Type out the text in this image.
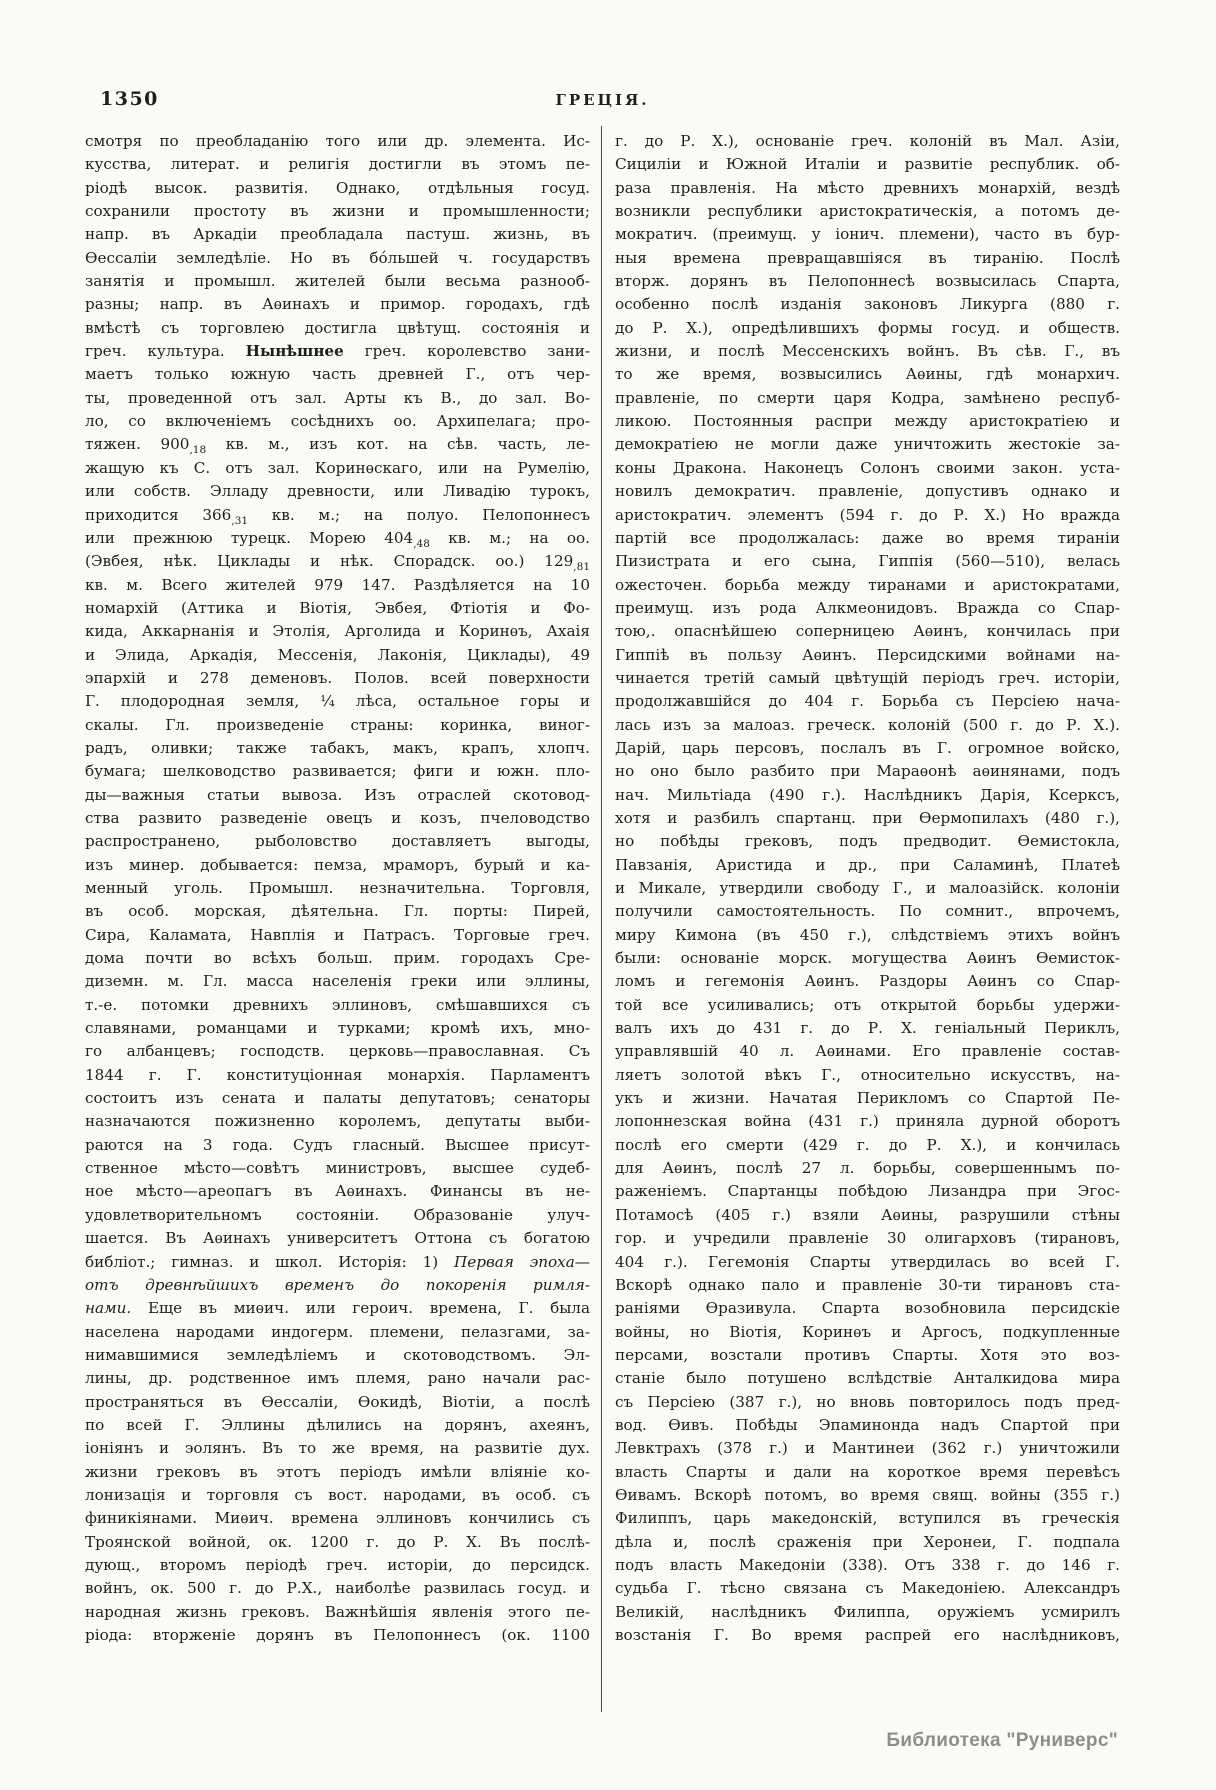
1350	ГРЕЦІЯ.
смотря по преобладанію того или др. элемента. Ис-
кусства, литерат. и религія достигли въ этомъ пе-
ріодѣ высок. развитія. Однако, отдѣльныя госуд.
сохранили простоту въ жизни и промышленности;
напр. въ Аркадіи преобладала пастуш. жизнь, въ
Ѳессаліи земледѣліе. Но въ бо́льшей ч. государствъ
занятія и промышл. жителей были весьма разнооб-
разны; напр. въ Аѳинахъ и примор. городахъ, гдѣ
вмѣстѣ съ торговлею достигла цвѣтущ. состоянія и
греч. культура. Нынѣшнее греч. королевство зани-
маетъ только южную часть древней Г., отъ чер-
ты, проведенной отъ зал. Арты къ В., до зал. Во-
ло, со включеніемъ сосѣднихъ оо. Архипелага; про-
тяжен. $900_{,18}$ кв. м., изъ кот. на сѣв. часть, ле-
жащую къ С. отъ зал. Коринѳскаго, или на Румелію,
или собств. Элладу древности, или Ливадію турокъ,
приходится $366_{,31}$ кв. м.; на полуо. Пелопоннесъ
или прежнюю турецк. Морею $404_{,48}$ кв. м.; на оо.
(Эвбея, нѣк. Циклады и нѣк. Спорадск. оо.) $129_{,81}$
кв. м. Всего жителей 979 147. Раздѣляется на 10
номархій (Аттика и Віотія, Эвбея, Фтіотія и Фо-
кида, Аккарнанія и Этолія, Арголида и Коринѳъ, Ахаія
и Элида, Аркадія, Мессенія, Лаконія, Циклады), 49
эпархій и 278 деменовъ. Полов. всей поверхности
Г. плодородная земля, ¼ лѣса, остальное горы и
скалы. Гл. произведеніе страны: коринка, виног-
радъ, оливки; также табакъ, макъ, крапъ, хлопч.
бумага; шелководство развивается; фиги и южн. пло-
ды—важныя статьи вывоза. Изъ отраслей скотовод-
ства развито разведеніе овецъ и козъ, пчеловодство
распространено, рыболовство доставляетъ выгоды,
изъ минер. добывается: пемза, мраморъ, бурый и ка-
менный уголь. Промышл. незначительна. Торговля,
въ особ. морская, дѣятельна. Гл. порты: Пирей,
Сира, Каламата, Навплія и Патрасъ. Торговые греч.
дома почти во всѣхъ больш. прим. городахъ Сре-
диземн. м. Гл. масса населенія греки или эллины,
т.-е. потомки древнихъ эллиновъ, смѣшавшихся съ
славянами, романцами и турками; кромѣ ихъ, мно-
го албанцевъ; господств. церковь—православная. Съ
1844 г. Г. конституціонная монархія. Парламентъ
состоитъ изъ сената и палаты депутатовъ; сенаторы
назначаются пожизненно королемъ, депутаты выби-
раются на 3 года. Судъ гласный. Высшее присут-
ственное мѣсто—совѣтъ министровъ, высшее судеб-
ное мѣсто—ареопагъ въ Аѳинахъ. Финансы въ не-
удовлетворительномъ состояніи. Образованіе улуч-
шается. Въ Аѳинахъ университетъ Оттона съ богатою
библіот.; гимназ. и школ. Исторія: 1) Первая эпоха—
отъ древнѣйшихъ временъ до покоренія римля-
нами. Еще въ миѳич. или героич. времена, Г. была
населена народами индогерм. племени, пелазгами, за-
нимавшимися земледѣліемъ и скотоводствомъ. Эл-
лины, др. родственное имъ племя, рано начали рас-
пространяться въ Ѳессаліи, Ѳокидѣ, Віотіи, а послѣ
по всей Г. Эллины дѣлились на дорянъ, ахеянъ,
іоніянъ и эолянъ. Въ то же время, на развитіе дух.
жизни грековъ въ этотъ періодъ имѣли вліяніе ко-
лонизація и торговля съ вост. народами, въ особ. съ
финикіянами. Миѳич. времена эллиновъ кончились съ
Троянской войной, ок. 1200 г. до Р. Х. Въ послѣ-
дующ., второмъ періодѣ греч. исторіи, до персидск.
войнъ, ок. 500 г. до Р.Х., наиболѣе развилась госуд. и
народная жизнь грековъ. Важнѣйшія явленія этого пе-
ріода: вторженіе дорянъ въ Пелопоннесъ (ок. 1100
г. до Р. Х.), основаніе греч. колоній въ Мал. Азіи,
Сициліи и Южной Италіи и развитіе республик. об-
раза правленія. На мѣсто древнихъ монархій, вездѣ
возникли республики аристократическія, а потомъ де-
мократич. (преимущ. у іонич. племени), часто въ бур-
ныя времена превращавшіяся въ тиранію. Послѣ
вторж. дорянъ въ Пелопоннесѣ возвысилась Спарта,
особенно послѣ изданія законовъ Ликурга (880 г.
до Р. Х.), опредѣлившихъ формы госуд. и обществ.
жизни, и послѣ Мессенскихъ войнъ. Въ сѣв. Г., въ
то же время, возвысились Аѳины, гдѣ монархич.
правленіе, по смерти царя Кодра, замѣнено респуб-
ликою. Постоянныя распри между аристократіею и
демократіею не могли даже уничтожить жестокіе за-
коны Дракона. Наконецъ Солонъ своими закон. уста-
новилъ демократич. правленіе, допустивъ однако и
аристократич. элементъ (594 г. до Р. Х.) Но вражда
партій все продолжалась: даже во время тираніи
Пизистрата и его сына, Гиппія (560—510), велась
ожесточен. борьба между тиранами и аристократами,
преимущ. изъ рода Алкмеонидовъ. Вражда со Спар-
тою,. опаснѣйшею соперницею Аѳинъ, кончилась при
Гиппіѣ въ пользу Аѳинъ. Персидскими войнами на-
чинается третій самый цвѣтущій періодъ греч. исторіи,
продолжавшійся до 404 г. Борьба съ Персіею нача-
лась изъ за малоаз. греческ. колоній (500 г. до Р. Х.).
Дарій, царь персовъ, послалъ въ Г. огромное войско,
но оно было разбито при Мараѳонѣ аѳинянами, подъ
нач. Мильтіада (490 г.). Наслѣдникъ Дарія, Ксерксъ,
хотя и разбилъ спартанц. при Ѳермопилахъ (480 г.),
но побѣды грековъ, подъ предводит. Ѳемистокла,
Павзанія, Аристида и др., при Саламинѣ, Платеѣ
и Микале, утвердили свободу Г., и малоазійск. колоніи
получили самостоятельность. По сомнит., впрочемъ,
миру Кимона (въ 450 г.), слѣдствіемъ этихъ войнъ
были: основаніе морск. могущества Аѳинъ Ѳемисток-
ломъ и гегемонія Аѳинъ. Раздоры Аѳинъ со Спар-
той все усиливались; отъ открытой борьбы удержи-
валъ ихъ до 431 г. до Р. Х. геніальный Периклъ,
управлявшій 40 л. Аѳинами. Его правленіе состав-
ляетъ золотой вѣкъ Г., относительно искусствъ, на-
укъ и жизни. Начатая Перикломъ со Спартой Пе-
лопоннезская война (431 г.) приняла дурной оборотъ
послѣ его смерти (429 г. до Р. Х.), и кончилась
для Аѳинъ, послѣ 27 л. борьбы, совершеннымъ по-
раженіемъ. Спартанцы побѣдою Лизандра при Эгос-
Потамосѣ (405 г.) взяли Аѳины, разрушили стѣны
гор. и учредили правленіе 30 олигарховъ (тирановъ,
404 г.). Гегемонія Спарты утвердилась во всей Г.
Вскорѣ однако пало и правленіе 30-ти тирановъ ста-
раніями Ѳразивула. Спарта возобновила персидскіе
войны, но Віотія, Коринѳъ и Аргосъ, подкупленные
персами, возстали противъ Спарты. Хотя это воз-
станіе было потушено вслѣдствіе Анталкидова мира
съ Персіею (387 г.), но вновь повторилось подъ пред-
вод. Ѳивъ. Побѣды Эпаминонда надъ Спартой при
Левктрахъ (378 г.) и Мантинеи (362 г.) уничтожили
власть Спарты и дали на короткое время перевѣсъ
Ѳивамъ. Вскорѣ потомъ, во время свящ. войны (355 г.)
Филиппъ, царь македонскій, вступился въ греческія
дѣла и, послѣ сраженія при Херонеи, Г. подпала
подъ власть Македоніи (338). Отъ 338 г. до 146 г.
судьба Г. тѣсно связана съ Македоніею. Александръ
Великій, наслѣдникъ Филиппа, оружіемъ усмирилъ
возстанія Г. Во время распрей его наслѣдниковъ,
Библиотека "Руниверс"
